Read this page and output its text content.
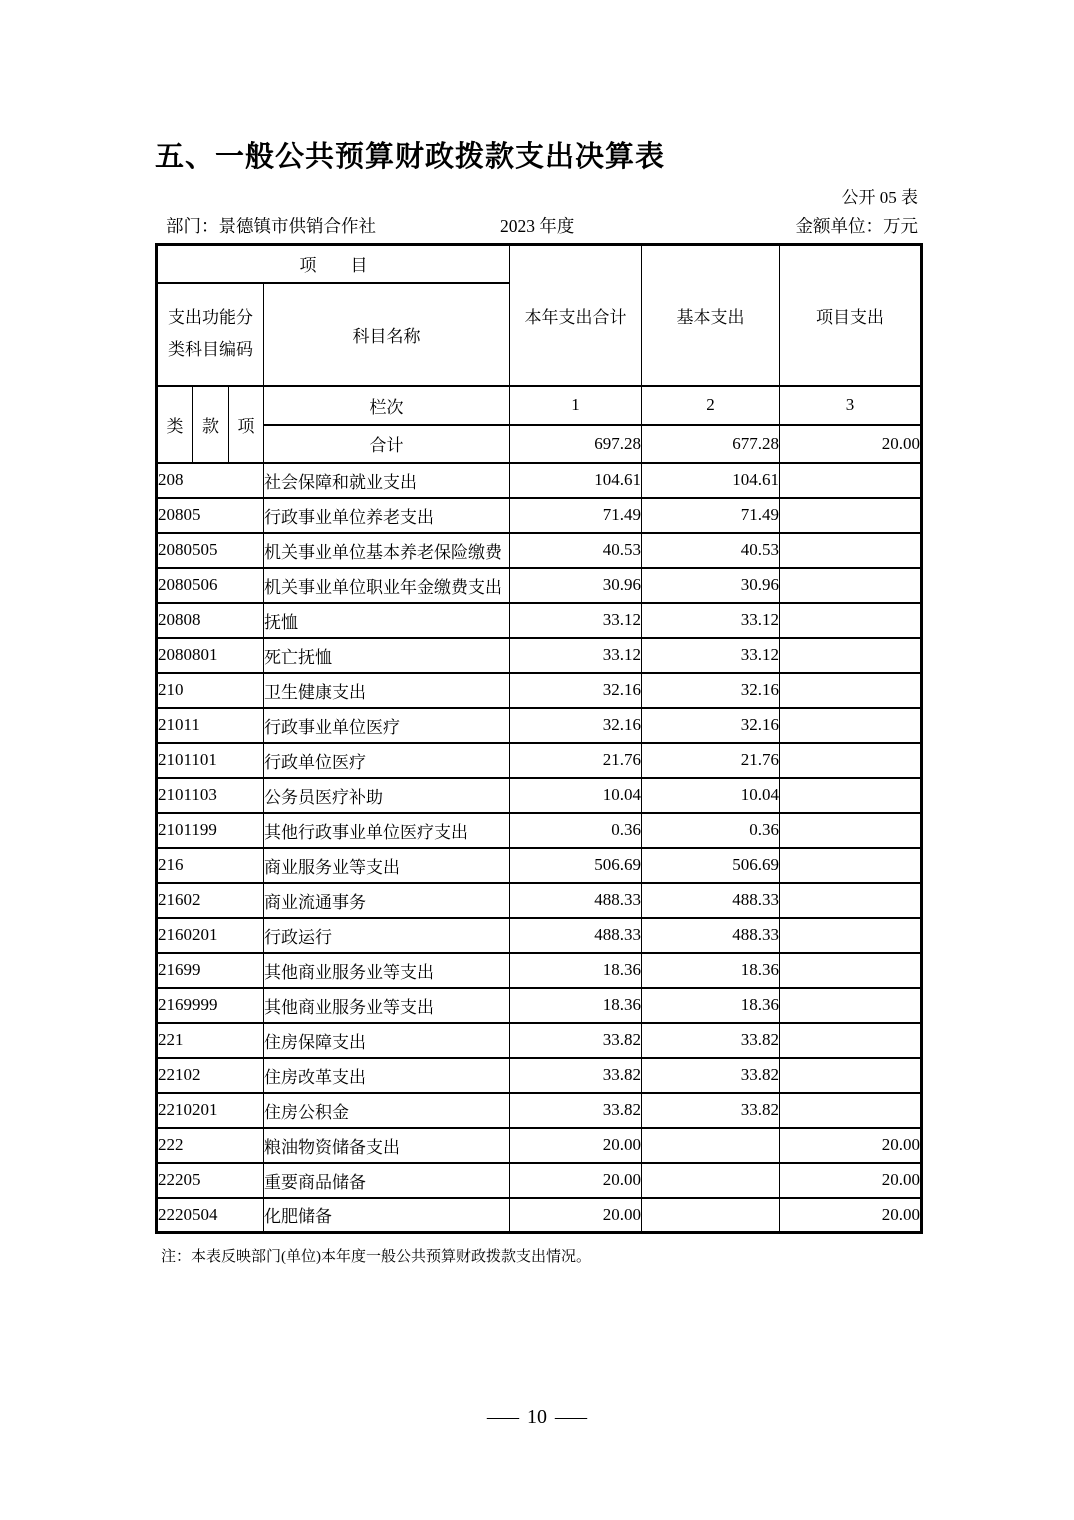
五、一般公共预算财政拨款支出决算表
公开 05 表
部门：景德镇市供销合作社	2023 年度	金额单位：万元
项　　目				本年支出合计	基本支出	项目支出

支出功能分
类科目编码			科目名称			
类	款	项	栏次	1	2	3
			合计	697.28	677.28	20.00
208			社会保障和就业支出	104.61	104.61	
20805			行政事业单位养老支出	71.49	71.49	
2080505			机关事业单位基本养老保险缴费	40.53	40.53	
2080506			机关事业单位职业年金缴费支出	30.96	30.96	
20808			抚恤	33.12	33.12	
2080801			死亡抚恤	33.12	33.12	
210			卫生健康支出	32.16	32.16	
21011			行政事业单位医疗	32.16	32.16	
2101101			行政单位医疗	21.76	21.76	
2101103			公务员医疗补助	10.04	10.04	
2101199			其他行政事业单位医疗支出	0.36	0.36	
216			商业服务业等支出	506.69	506.69	
21602			商业流通事务	488.33	488.33	
2160201			行政运行	488.33	488.33	
21699			其他商业服务业等支出	18.36	18.36	
2169999			其他商业服务业等支出	18.36	18.36	
221			住房保障支出	33.82	33.82	
22102			住房改革支出	33.82	33.82	
2210201			住房公积金	33.82	33.82	
222			粮油物资储备支出	20.00		20.00
22205			重要商品储备	20.00		20.00
2220504			化肥储备	20.00		20.00
注：本表反映部门(单位)本年度一般公共预算财政拨款支出情况。
— 10 —
